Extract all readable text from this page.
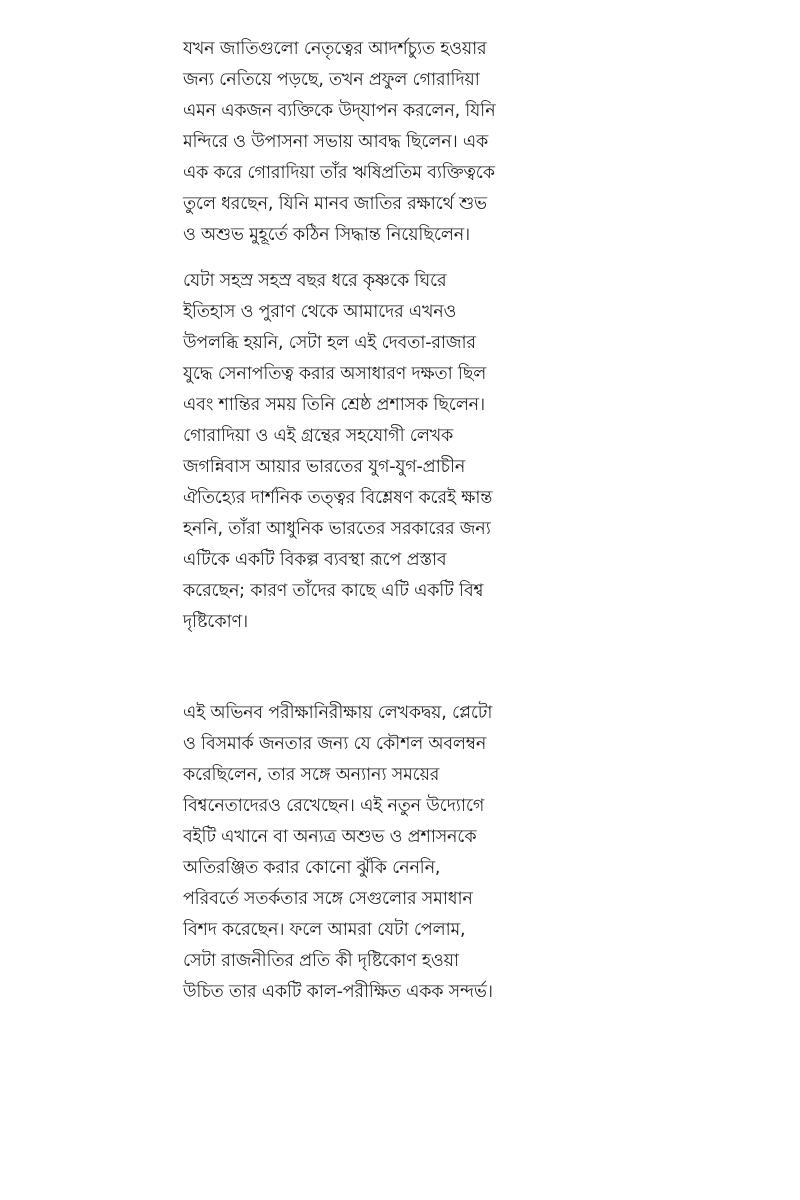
যখন জাতিগুলো নেতৃত্বের আদর্শচ্যুত হওয়ার
জন্য নেতিয়ে পড়ছে, তখন প্রফুল গোরাদিয়া
এমন একজন ব্যক্তিকে উদ্‌যাপন করলেন, যিনি
মন্দিরে ও উপাসনা সভায় আবদ্ধ ছিলেন। এক
এক করে গোরাদিয়া তাঁর ঋষিপ্রতিম ব্যক্তিত্বকে
তুলে ধরছেন, যিনি মানব জাতির রক্ষার্থে শুভ
ও অশুভ মুহূর্তে কঠিন সিদ্ধান্ত নিয়েছিলেন।
যেটা সহস্র সহস্র বছর ধরে কৃষ্ণকে ঘিরে
ইতিহাস ও পুরাণ থেকে আমাদের এখনও
উপলব্ধি হয়নি, সেটা হল এই দেবতা-রাজার
যুদ্ধে সেনাপতিত্ব করার অসাধারণ দক্ষতা ছিল
এবং শান্তির সময় তিনি শ্রেষ্ঠ প্রশাসক ছিলেন।
গোরাদিয়া ও এই গ্রন্থের সহযোগী লেখক
জগন্নিবাস আয়ার ভারতের যুগ-যুগ-প্রাচীন
ঐতিহ্যের দার্শনিক তত্ত্বর বিশ্লেষণ করেই ক্ষান্ত
হননি, তাঁরা আধুনিক ভারতের সরকারের জন্য
এটিকে একটি বিকল্প ব্যবস্থা রূপে প্রস্তাব
করেছেন; কারণ তাঁদের কাছে এটি একটি বিশ্ব
দৃষ্টিকোণ।
এই অভিনব পরীক্ষানিরীক্ষায় লেখকদ্বয়, প্লেটো
ও বিসমার্ক জনতার জন্য যে কৌশল অবলম্বন
করেছিলেন, তার সঙ্গে অন্যান্য সময়ের
বিশ্বনেতাদেরও রেখেছেন। এই নতুন উদ্যোগে
বইটি এখানে বা অন্যত্র অশুভ ও প্রশাসনকে
অতিরঞ্জিত করার কোনো ঝুঁকি নেননি,
পরিবর্তে সতর্কতার সঙ্গে সেগুলোর সমাধান
বিশদ করেছেন। ফলে আমরা যেটা পেলাম,
সেটা রাজনীতির প্রতি কী দৃষ্টিকোণ হওয়া
উচিত তার একটি কাল-পরীক্ষিত একক সন্দর্ভ।
